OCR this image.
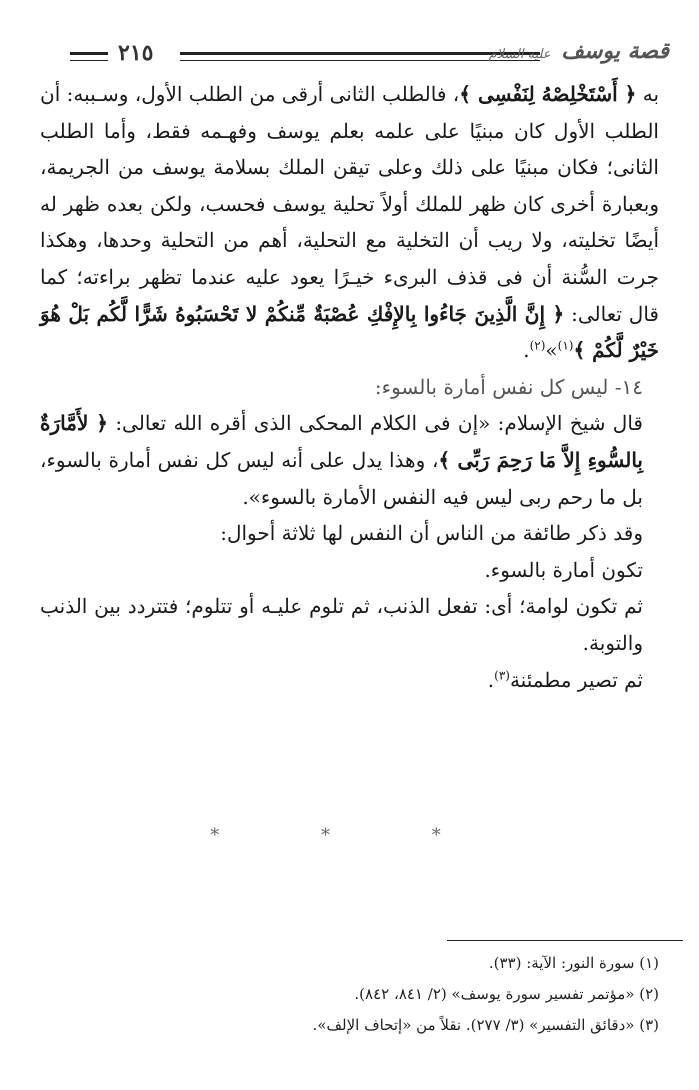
٢١٥	قصة يوسف عليه السلام

به ﴿ أَسْتَخْلِصْهُ لِنَفْسِى ﴾، فالطلب الثانى أرقى من الطلب الأول، وسـببه: أن الطلب الأول كان مبنيًا على علمه بعلم يوسف وفهـمه فقط، وأما الطلب الثانى؛ فكان مبنيًا على ذلك وعلى تيقن الملك بسلامة يوسف من الجريمة، وبعبارة أخرى كان ظهر للملك أولاً تحلية يوسف فحسب، ولكن بعده ظهر له أيضًا تخليته، ولا ريب أن التخلية مع التحلية، أهم من التحلية وحدها، وهكذا جرت السُّنة أن فى قذف البرىء خيـرًا يعود عليه عندما تظهر براءته؛ كما قال تعالى: ﴿ إِنَّ الَّذِينَ جَاءُوا بِالإِفْكِ عُصْبَةٌ مِّنكُمْ لا تَحْسَبُوهُ شَرًّا لَّكُم بَلْ هُوَ خَيْرٌ لَّكُمْ ﴾$^{(١)}$»$^{(٢)}$.

١٤- ليس كل نفس أمارة بالسوء:

قال شيخ الإسلام: «إن فى الكلام المحكى الذى أقره الله تعالى: ﴿ لأَمَّارَةٌ بِالسُّوءِ إِلاَّ مَا رَحِمَ رَبِّى ﴾، وهذا يدل على أنه ليس كل نفس أمارة بالسوء، بل ما رحم ربى ليس فيه النفس الأمارة بالسوء».

وقد ذكر طائفة من الناس أن النفس لها ثلاثة أحوال:

تكون أمارة بالسوء.

ثم تكون لوامة؛ أى: تفعل الذنب، ثم تلوم عليـه أو تتلوم؛ فتتردد بين الذنب والتوبة.

ثم تصير مطمئنة$^{(٣)}$.

* * *

(١) سورة النور: الآية: (٣٣).

(٢) «مؤتمر تفسير سورة يوسف» (٢/ ٨٤١، ٨٤٢).

(٣) «دقائق التفسير» (٣/ ٢٧٧). نقلاً من «إتحاف الإلف».
